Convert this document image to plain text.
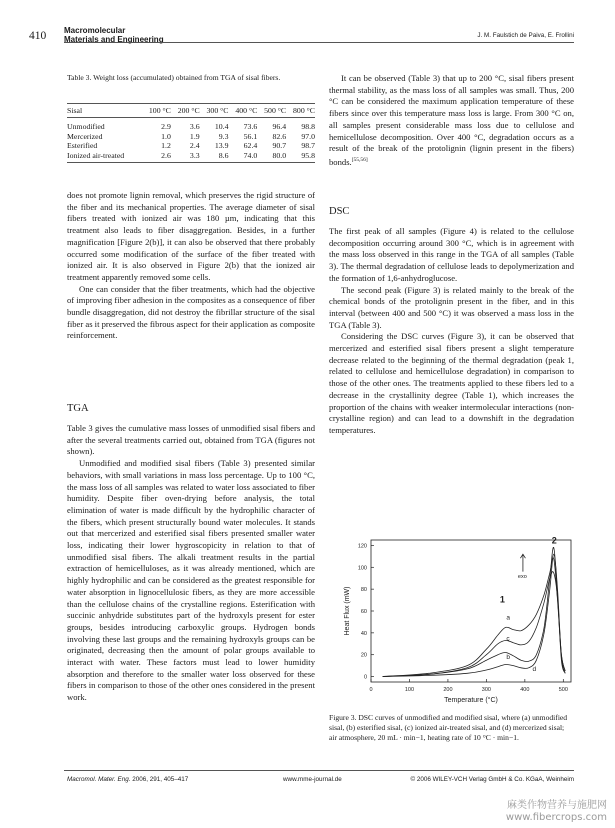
410 Macromolecular
Materials and Engineering	J. M. Faulstich de Paiva, E. Frollini
Table 3. Weight loss (accumulated) obtained from TGA of sisal fibers.
Sisal	100 °C	200 °C	300 °C	400 °C	500 °C	800 °C
Unmodified	2.9	3.6	10.4	73.6	96.4	98.8
Mercerized	1.0	1.9	9.3	56.1	82.6	97.0
Esterified	1.2	2.4	13.9	62.4	90.7	98.7
Ionized air-treated	2.6	3.3	8.6	74.0	80.0	95.8

does not promote lignin removal, which preserves the rigid structure of the fiber and its mechanical properties. The average diameter of sisal fibers treated with ionized air was 180 µm, indicating that this treatment also leads to fiber disaggregation. Besides, in a further magnification [Figure 2(b)], it can also be observed that there probably occurred some modification of the surface of the fiber treated with ionized air. It is also observed in Figure 2(b) that the ionized air treatment apparently removed some cells.

One can consider that the fiber treatments, which had the objective of improving fiber adhesion in the composites as a consequence of fiber bundle disaggregation, did not destroy the fibrillar structure of the sisal fiber as it preserved the fibrous aspect for their application as composite reinforcement.

TGA

Table 3 gives the cumulative mass losses of unmodified sisal fibers and after the several treatments carried out, obtained from TGA (figures not shown).

Unmodified and modified sisal fibers (Table 3) presented similar behaviors, with small variations in mass loss percentage. Up to 100 °C, the mass loss of all samples was related to water loss associated to fiber humidity. Despite fiber oven-drying before analysis, the total elimination of water is made difficult by the hydrophilic character of the fibers, which present structurally bound water molecules. It stands out that mercerized and esterified sisal fibers presented smaller water loss, indicating their lower hygroscopicity in relation to that of unmodified sisal fibers. The alkali treatment results in the partial extraction of hemicelluloses, as it was already mentioned, which are highly hydrophilic and can be considered as the greatest responsible for water absorption in lignocellulosic fibers, as they are more accessible than the cellulose chains of the crystalline regions. Esterification with succinic anhydride substitutes part of the hydroxyls present for ester groups, besides introducing carboxylic groups. Hydrogen bonds involving these last groups and the remaining hydroxyls groups can be originated, decreasing then the amount of polar groups available to interact with water. These factors must lead to lower humidity absorption and therefore to the smaller water loss observed for these fibers in comparison to those of the other ones considered in the present work.

It can be observed (Table 3) that up to 200 °C, sisal fibers present thermal stability, as the mass loss of all samples was small. Thus, 200 °C can be considered the maximum application temperature of these fibers since over this temperature mass loss is large. From 300 °C on, all samples present considerable mass loss due to cellulose and hemicellulose decomposition. Over 400 °C, degradation occurs as a result of the break of the protolignin (lignin present in the fibers) bonds.[55,56]

DSC

The first peak of all samples (Figure 4) is related to the cellulose decomposition occurring around 300 °C, which is in agreement with the mass loss observed in this range in the TGA of all samples (Table 3). The thermal degradation of cellulose leads to depolymerization and the formation of 1,6-anhydroglucose.

The second peak (Figure 3) is related mainly to the break of the chemical bonds of the protolignin present in the fiber, and in this interval (between 400 and 500 °C) it was observed a mass loss in the TGA (Table 3).

Considering the DSC curves (Figure 3), it can be observed that mercerized and esterified sisal fibers present a slight temperature decrease related to the beginning of the thermal degradation (peak 1, related to cellulose and hemicellulose degradation) in comparison to those of the other ones. The treatments applied to these fibers led to a decrease in the crystallinity degree (Table 1), which increases the proportion of the chains with weaker intermolecular interactions (non-crystalline region) and can lead to a downshift in the degradation temperatures.

0	100	200	300	400	500
0
20
40
60
80
100
120
Temperature (°C)
Heat Flux (mW)	a
b
c
d
1
2
exo
Figure 3. DSC curves of unmodified and modified sisal, where (a) unmodified sisal, (b) esterified sisal, (c) ionized air-treated sisal, and (d) mercerized sisal; air atmosphere, 20 mL · min−1, heating rate of 10 °C · min−1.
Macromol. Mater. Eng. 2006, 291, 405–417	www.mme-journal.de	© 2006 WILEY-VCH Verlag GmbH & Co. KGaA, Weinheim
麻类作物营养与施肥网
www.fibercrops.com
